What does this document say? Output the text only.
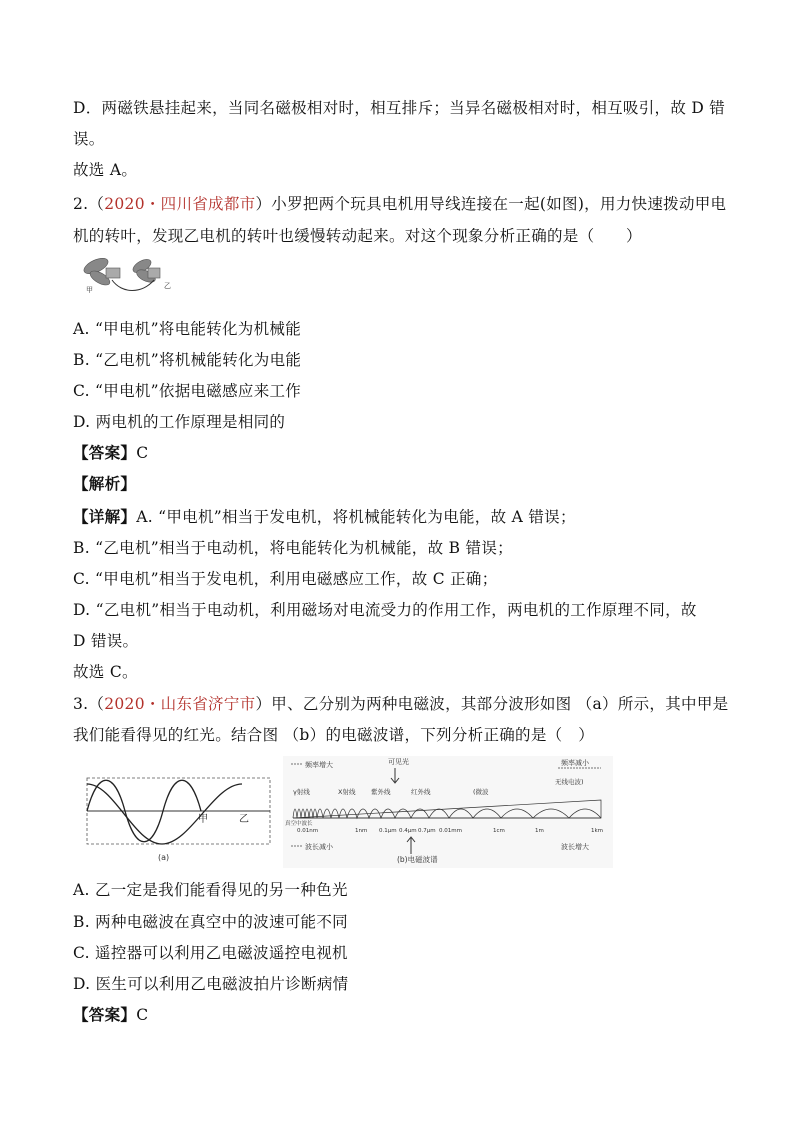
D．两磁铁悬挂起来，当同名磁极相对时，相互排斥；当异名磁极相对时，相互吸引，故 D 错
误。
故选 A。
2.（2020・四川省成都市）小罗把两个玩具电机用导线连接在一起(如图)，用力快速拨动甲电
机的转叶，发现乙电机的转叶也缓慢转动起来。对这个现象分析正确的是（　　）
甲	乙
A. “甲电机”将电能转化为机械能
B. “乙电机”将机械能转化为电能
C. “甲电机”依据电磁感应来工作
D. 两电机的工作原理是相同的
【答案】C
【解析】
【详解】A. “甲电机”相当于发电机，将机械能转化为电能，故 A 错误；
B. “乙电机”相当于电动机，将电能转化为机械能，故 B 错误；
C. “甲电机”相当于发电机，利用电磁感应工作，故 C 正确；
D. “乙电机”相当于电动机，利用磁场对电流受力的作用工作，两电机的工作原理不同，故
D 错误。
故选 C。
3.（2020・山东省济宁市）甲、乙分别为两种电磁波，其部分波形如图 （a）所示，其中甲是
我们能看得见的红光。结合图 （b）的电磁波谱，下列分析正确的是（　）
甲	乙
(a)
频率增大	可见光	频率减小
γ射线	X射线 紫外线	红外线	(微波
无线电波)
真空中波长
0.01nm	1nm 0.1μm 0.4μm 0.7μm 0.01mm	1cm	1m	1km
波长减小	波长增大
(b)电磁波谱
A. 乙一定是我们能看得见的另一种色光
B. 两种电磁波在真空中的波速可能不同
C. 遥控器可以利用乙电磁波遥控电视机
D. 医生可以利用乙电磁波拍片诊断病情
【答案】C
